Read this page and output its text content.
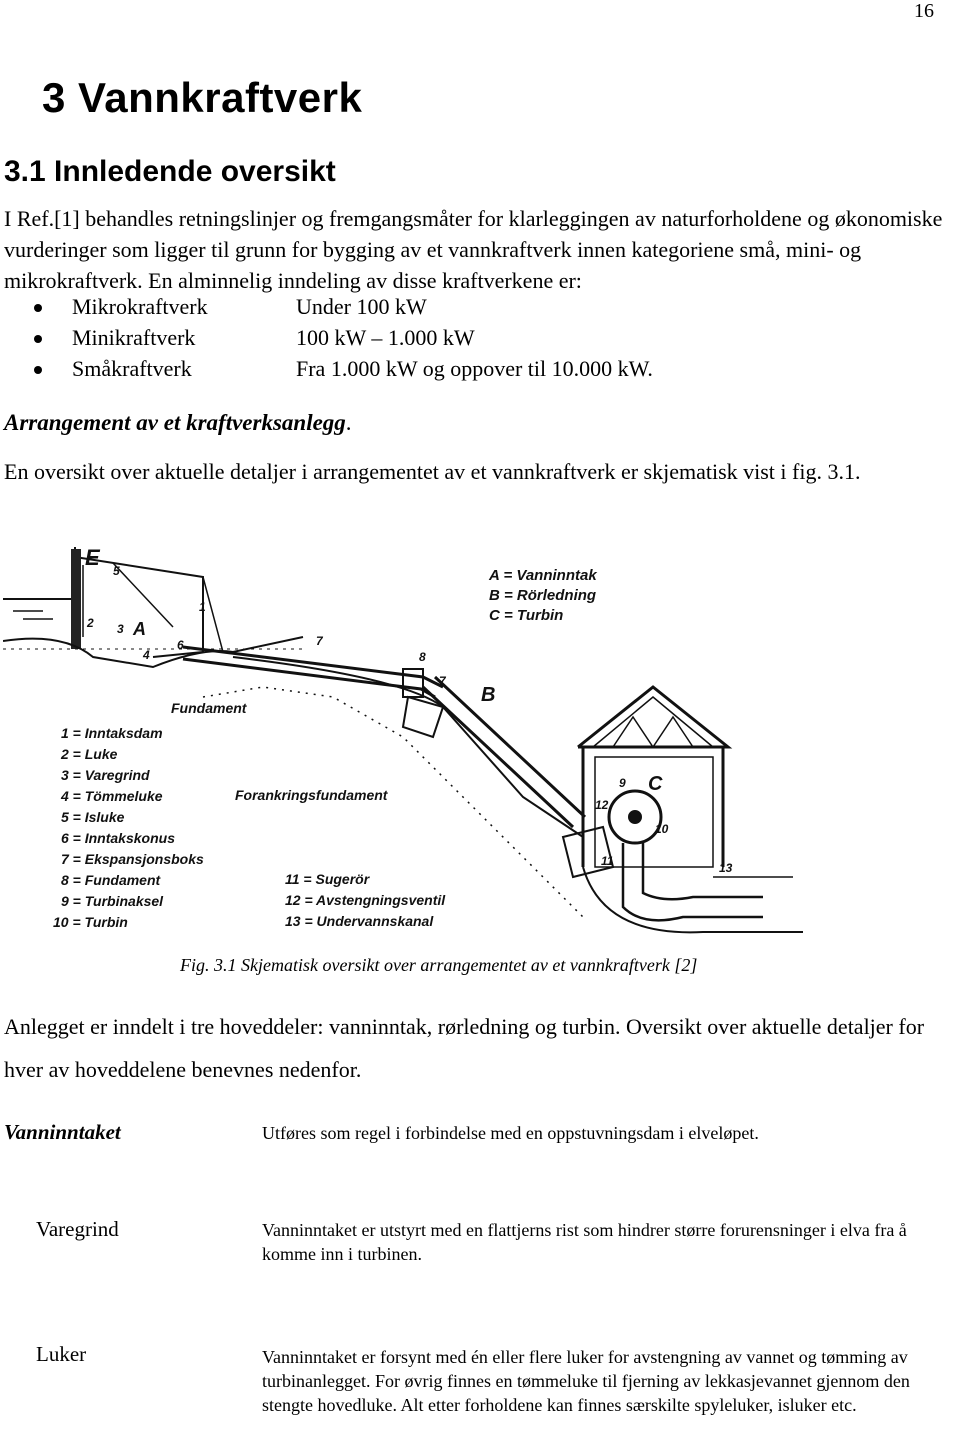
16
3 Vannkraftverk
3.1 Innledende oversikt
I Ref.[1] behandles retningslinjer og fremgangsmåter for klarleggingen av naturforholdene og økonomiske vurderinger som ligger til grunn for bygging av et vannkraftverk innen kategoriene små, mini- og mikrokraftverk. En alminnelig inndeling av disse kraftverkene er:
Mikrokraftverk	Under 100 kW
Minikraftverk	100 kW – 1.000 kW
Småkraftverk	Fra 1.000 kW og oppover til 10.000 kW.
Arrangement av et kraftverksanlegg.
En oversikt over aktuelle detaljer i arrangementet av et vannkraftverk er skjematisk vist i fig. 3.1.
E
5
1
2 3 A
6
4
7
8
7
B
C
9
10
12
11	13
Fundament
Forankringsfundament
A = Vanninntak
B = Rörledning
C = Turbin
1 = Inntaksdam
2 = Luke
3 = Varegrind
4 = Tömmeluke
5 = Isluke
6 = Inntakskonus
7 = Ekspansjonsboks
8 = Fundament
9 = Turbinaksel
10 = Turbin
11 = Sugerör
12 = Avstengningsventil
13 = Undervannskanal
Fig. 3.1 Skjematisk oversikt over arrangementet av et vannkraftverk [2]
Anlegget er inndelt i tre hoveddeler: vanninntak, rørledning og turbin. Oversikt over aktuelle detaljer for hver av hoveddelene benevnes nedenfor.
Vanninntaket	Utføres som regel i forbindelse med en oppstuvningsdam i elveløpet.
Varegrind	Vanninntaket er utstyrt med en flattjerns rist som hindrer større forurensninger i elva fra å komme inn i turbinen.
Luker	Vanninntaket er forsynt med én eller flere luker for avstengning av vannet og tømming av turbinanlegget. For øvrig finnes en tømmeluke til fjerning av lekkasjevannet gjennom den stengte hovedluke. Alt etter forholdene kan finnes særskilte spyleluker, isluker etc.
